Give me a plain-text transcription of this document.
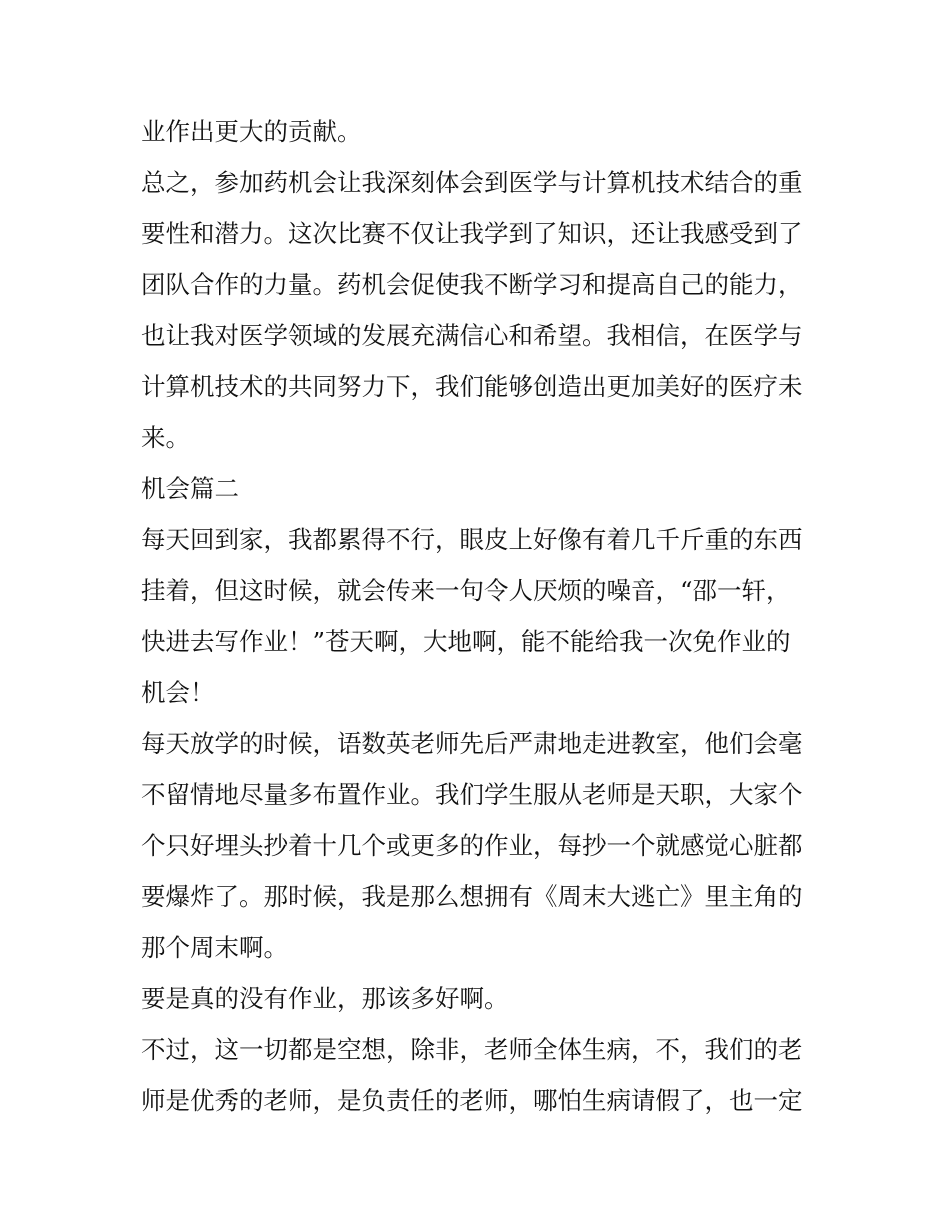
业作出更大的贡献。
总之，参加药机会让我深刻体会到医学与计算机技术结合的重
要性和潜力。这次比赛不仅让我学到了知识，还让我感受到了
团队合作的力量。药机会促使我不断学习和提高自己的能力，
也让我对医学领域的发展充满信心和希望。我相信，在医学与
计算机技术的共同努力下，我们能够创造出更加美好的医疗未
来。
机会篇二
每天回到家，我都累得不行，眼皮上好像有着几千斤重的东西
挂着，但这时候，就会传来一句令人厌烦的噪音，“邵一轩，
快进去写作业！”苍天啊，大地啊，能不能给我一次免作业的
机会！
每天放学的时候，语数英老师先后严肃地走进教室，他们会毫
不留情地尽量多布置作业。我们学生服从老师是天职，大家个
个只好埋头抄着十几个或更多的作业，每抄一个就感觉心脏都
要爆炸了。那时候，我是那么想拥有《周末大逃亡》里主角的
那个周末啊。
要是真的没有作业，那该多好啊。
不过，这一切都是空想，除非，老师全体生病，不，我们的老
师是优秀的老师，是负责任的老师，哪怕生病请假了，也一定
